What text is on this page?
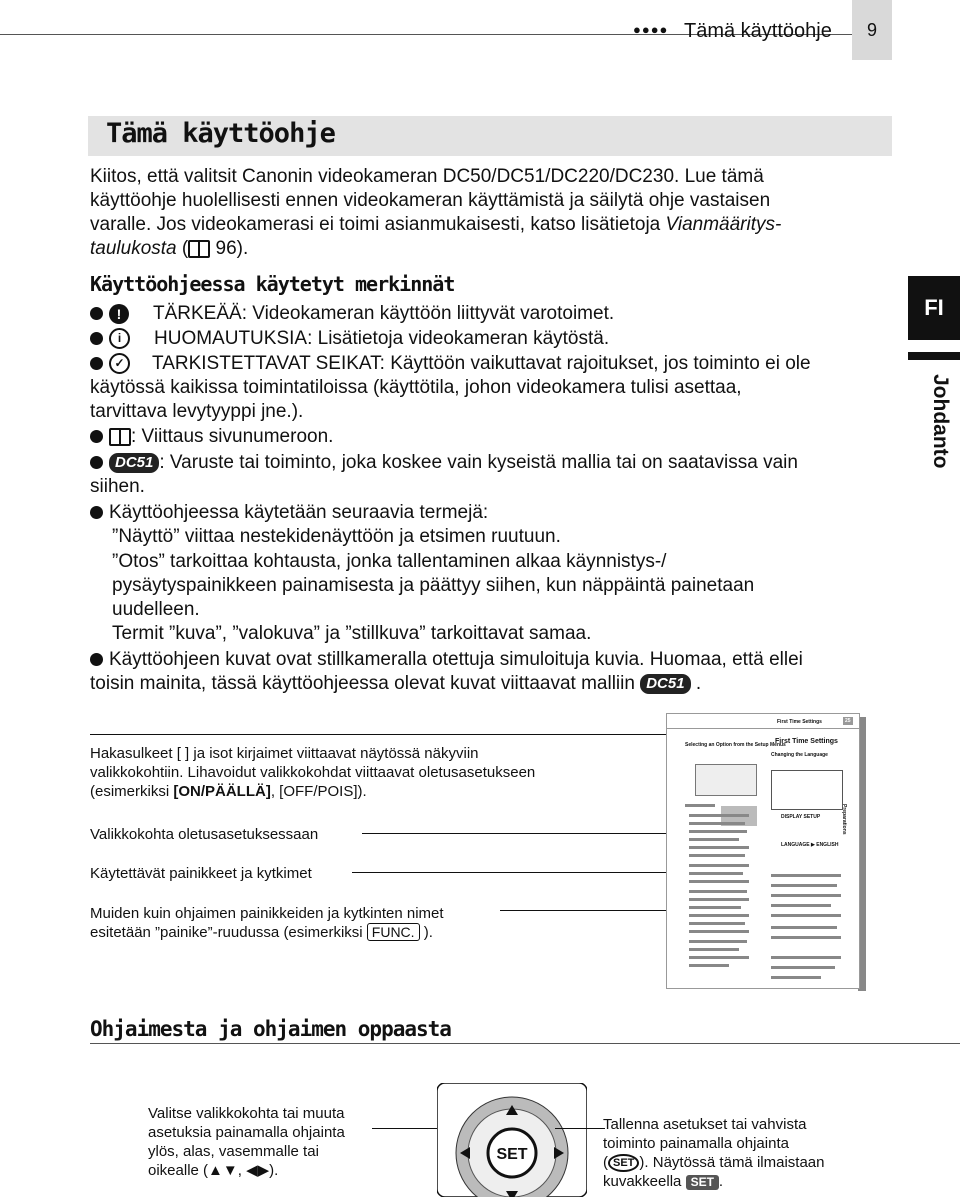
●●●● Tämä käyttöohje	9
Tämä käyttöohje
Kiitos, että valitsit Canonin videokameran DC50/DC51/DC220/DC230. Lue tämä
käyttöohje huolellisesti ennen videokameran käyttämistä ja säilytä ohje vastaisen
varalle. Jos videokamerasi ei toimi asianmukaisesti, katso lisätietoja Vianmääritys-
taulukosta ( 96).
Käyttöohjeessa käytetyt merkinnät
! TÄRKEÄÄ: Videokameran käyttöön liittyvät varotoimet.
i HUOMAUTUKSIA: Lisätietoja videokameran käytöstä.
✓ TARKISTETTAVAT SEIKAT: Käyttöön vaikuttavat rajoitukset, jos toiminto ei ole
käytössä kaikissa toimintatiloissa (käyttötila, johon videokamera tulisi asettaa,
tarvittava levytyyppi jne.).
: Viittaus sivunumeroon.
DC51 : Varuste tai toiminto, joka koskee vain kyseistä mallia tai on saatavissa vain
siihen.
Käyttöohjeessa käytetään seuraavia termejä:
”Näyttö” viittaa nestekidenäyttöön ja etsimen ruutuun.
”Otos” tarkoittaa kohtausta, jonka tallentaminen alkaa käynnistys-/
pysäytyspainikkeen painamisesta ja päättyy siihen, kun näppäintä painetaan
uudelleen.
Termit ”kuva”, ”valokuva” ja ”stillkuva” tarkoittavat samaa.
Käyttöohjeen kuvat ovat stillkameralla otettuja simuloituja kuvia. Huomaa, että ellei
toisin mainita, tässä käyttöohjeessa olevat kuvat viittaavat malliin DC51 .
FI
Johdanto
Hakasulkeet [ ] ja isot kirjaimet viittaavat näytössä näkyviin
valikkokohtiin. Lihavoidut valikkokohdat viittaavat oletusasetukseen
(esimerkiksi [ON/PÄÄLLÄ], [OFF/POIS]).
Valikkokohta oletusasetuksessaan
Käytettävät painikkeet ja kytkimet
Muiden kuin ohjaimen painikkeiden ja kytkinten nimet
esitetään ”painike”-ruudussa (esimerkiksi FUNC. ).
First Time Settings	25
Selecting an Option from the Setup Menus
First Time Settings
Changing the Language
DISPLAY SETUP
LANGUAGE ▶ ENGLISH
Preparations
Ohjaimesta ja ohjaimen oppaasta
Valitse valikkokohta tai muuta
asetuksia painamalla ohjainta
ylös, alas, vasemmalle tai
oikealle (▲▼, ◀▶).
SET
Tallenna asetukset tai vahvista
toiminto painamalla ohjainta
( SET ). Näytössä tämä ilmaistaan
kuvakkeella SET .
